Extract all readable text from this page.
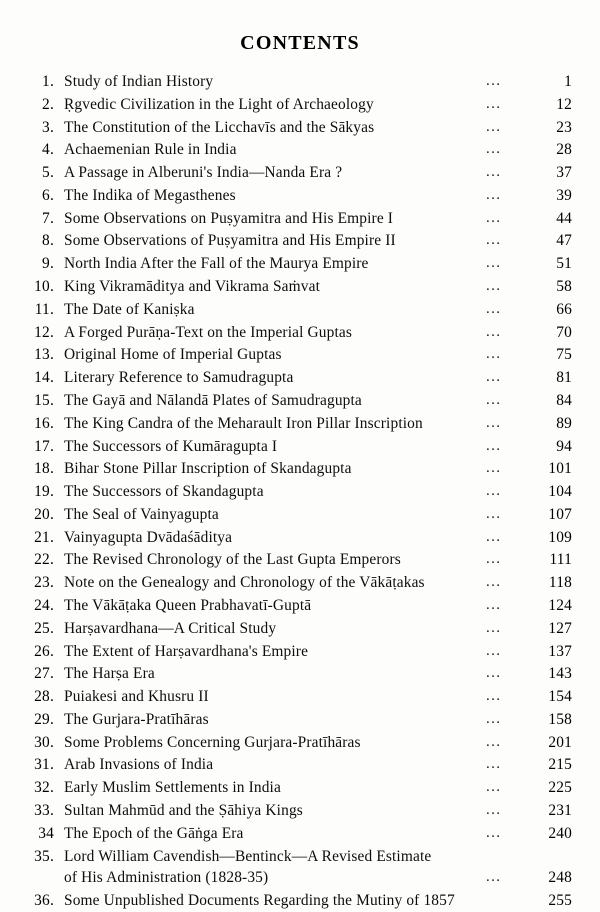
CONTENTS
1. Study of Indian History	...	1
2. Ṛgvedic Civilization in the Light of Archaeology	...	12
3. The Constitution of the Licchavīs and the Sākyas	...	23
4. Achaemenian Rule in India	...	28
5. A Passage in Alberuni's India—Nanda Era ?	...	37
6. The Indika of Megasthenes	...	39
7. Some Observations on Puṣyamitra and His Empire I	...	44
8. Some Observations of Puṣyamitra and His Empire II	...	47
9. North India After the Fall of the Maurya Empire	...	51
10. King Vikramāditya and Vikrama Saṁvat	...	58
11. The Date of Kaniṣka	...	66
12. A Forged Purāṇa-Text on the Imperial Guptas	...	70
13. Original Home of Imperial Guptas	...	75
14. Literary Reference to Samudragupta	...	81
15. The Gayā and Nālandā Plates of Samudragupta	...	84
16. The King Candra of the Meharault Iron Pillar Inscription	...	89
17. The Successors of Kumāragupta I	...	94
18. Bihar Stone Pillar Inscription of Skandagupta	...	101
19. The Successors of Skandagupta	...	104
20. The Seal of Vainyagupta	...	107
21. Vainyagupta Dvādaśāditya	...	109
22. The Revised Chronology of the Last Gupta Emperors	...	111
23. Note on the Genealogy and Chronology of the Vākāṭakas	...	118
24. The Vākāṭaka Queen Prabhavatī-Guptā	...	124
25. Harṣavardhana—A Critical Study	...	127
26. The Extent of Harṣavardhana's Empire	...	137
27. The Harṣa Era	...	143
28. Puiakesi and Khusru II	...	154
29. The Gurjara-Pratīhāras	...	158
30. Some Problems Concerning Gurjara-Pratīhāras	...	201
31. Arab Invasions of India	...	215
32. Early Muslim Settlements in India	...	225
33. Sultan Mahmūd and the Ṣāhiya Kings	...	231
34 The Epoch of the Gāṅga Era	...	240
35. Lord William Cavendish—Bentinck—A Revised Estimate
of His Administration (1828-35)	...	248
36. Some Unpublished Documents Regarding the Mutiny of 1857	255
